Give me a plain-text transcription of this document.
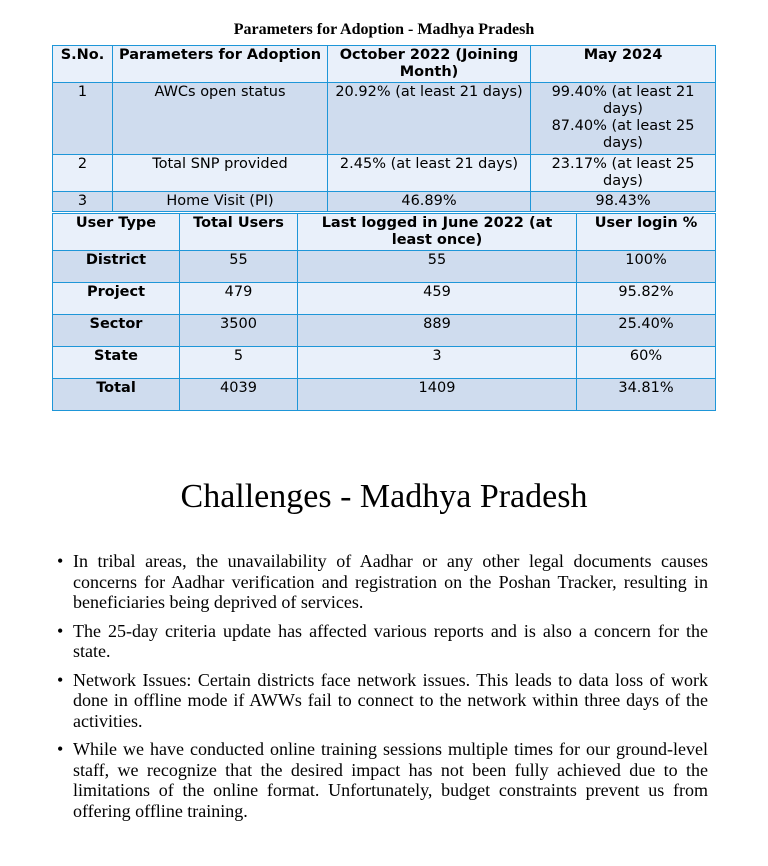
Parameters for Adoption - Madhya Pradesh
S.No.	Parameters for Adoption	October 2022 (Joining Month)	May 2024
1	AWCs open status	20.92% (at least 21 days)	99.40% (at least 21 days)
87.40% (at least 25 days)

2	Total SNP provided	2.45% (at least 21 days)	23.17% (at least 25 days)
3	Home Visit (PI)	46.89%	98.43%
User Type	Total Users	Last logged in June 2022 (at least once)	User login %
District	55	55	100%
Project	479	459	95.82%
Sector	3500	889	25.40%
State	5	3	60%
Total	4039	1409	34.81%
Challenges - Madhya Pradesh
• In tribal areas, the unavailability of Aadhar or any other legal documents causes concerns for Aadhar verification and registration on the Poshan Tracker, resulting in beneficiaries being deprived of services.
• The 25-day criteria update has affected various reports and is also a concern for the state.
• Network Issues: Certain districts face network issues. This leads to data loss of work done in offline mode if AWWs fail to connect to the network within three days of the activities.
• While we have conducted online training sessions multiple times for our ground-level staff, we recognize that the desired impact has not been fully achieved due to the limitations of the online format. Unfortunately, budget constraints prevent us from offering offline training.
